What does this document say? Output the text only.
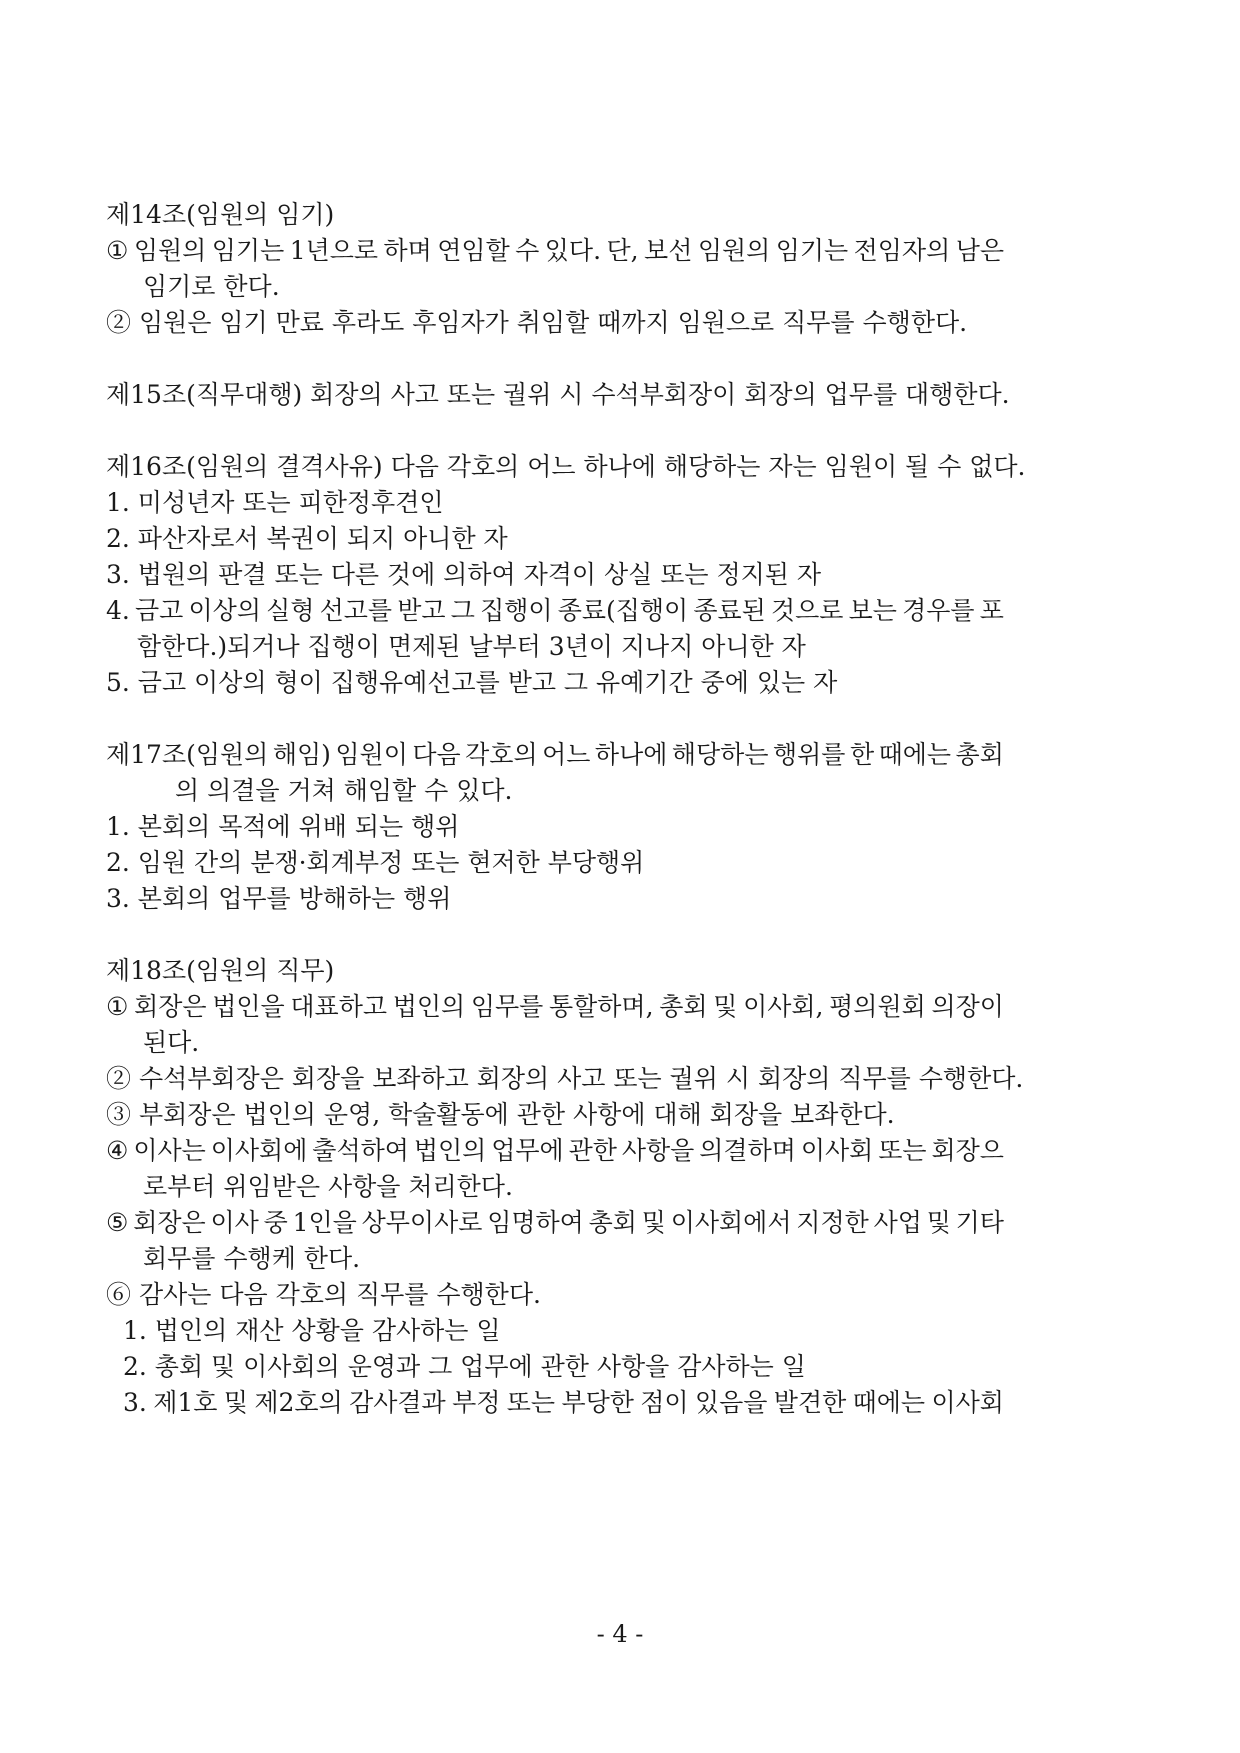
제14조(임원의 임기)
① 임원의 임기는 1년으로 하며 연임할 수 있다. 단, 보선 임원의 임기는 전임자의 남은
임기로 한다.
② 임원은 임기 만료 후라도 후임자가 취임할 때까지 임원으로 직무를 수행한다.
제15조(직무대행) 회장의 사고 또는 궐위 시 수석부회장이 회장의 업무를 대행한다.
제16조(임원의 결격사유) 다음 각호의 어느 하나에 해당하는 자는 임원이 될 수 없다.
1. 미성년자 또는 피한정후견인
2. 파산자로서 복권이 되지 아니한 자
3. 법원의 판결 또는 다른 것에 의하여 자격이 상실 또는 정지된 자
4. 금고 이상의 실형 선고를 받고 그 집행이 종료(집행이 종료된 것으로 보는 경우를 포
함한다.)되거나 집행이 면제된 날부터 3년이 지나지 아니한 자
5. 금고 이상의 형이 집행유예선고를 받고 그 유예기간 중에 있는 자
제17조(임원의 해임) 임원이 다음 각호의 어느 하나에 해당하는 행위를 한 때에는 총회
의 의결을 거쳐 해임할 수 있다.
1. 본회의 목적에 위배 되는 행위
2. 임원 간의 분쟁·회계부정 또는 현저한 부당행위
3. 본회의 업무를 방해하는 행위
제18조(임원의 직무)
① 회장은 법인을 대표하고 법인의 임무를 통할하며, 총회 및 이사회, 평의원회 의장이
된다.
② 수석부회장은 회장을 보좌하고 회장의 사고 또는 궐위 시 회장의 직무를 수행한다.
③ 부회장은 법인의 운영, 학술활동에 관한 사항에 대해 회장을 보좌한다.
④ 이사는 이사회에 출석하여 법인의 업무에 관한 사항을 의결하며 이사회 또는 회장으
로부터 위임받은 사항을 처리한다.
⑤ 회장은 이사 중 1인을 상무이사로 임명하여 총회 및 이사회에서 지정한 사업 및 기타
회무를 수행케 한다.
⑥ 감사는 다음 각호의 직무를 수행한다.
1. 법인의 재산 상황을 감사하는 일
2. 총회 및 이사회의 운영과 그 업무에 관한 사항을 감사하는 일
3. 제1호 및 제2호의 감사결과 부정 또는 부당한 점이 있음을 발견한 때에는 이사회
- 4 -
